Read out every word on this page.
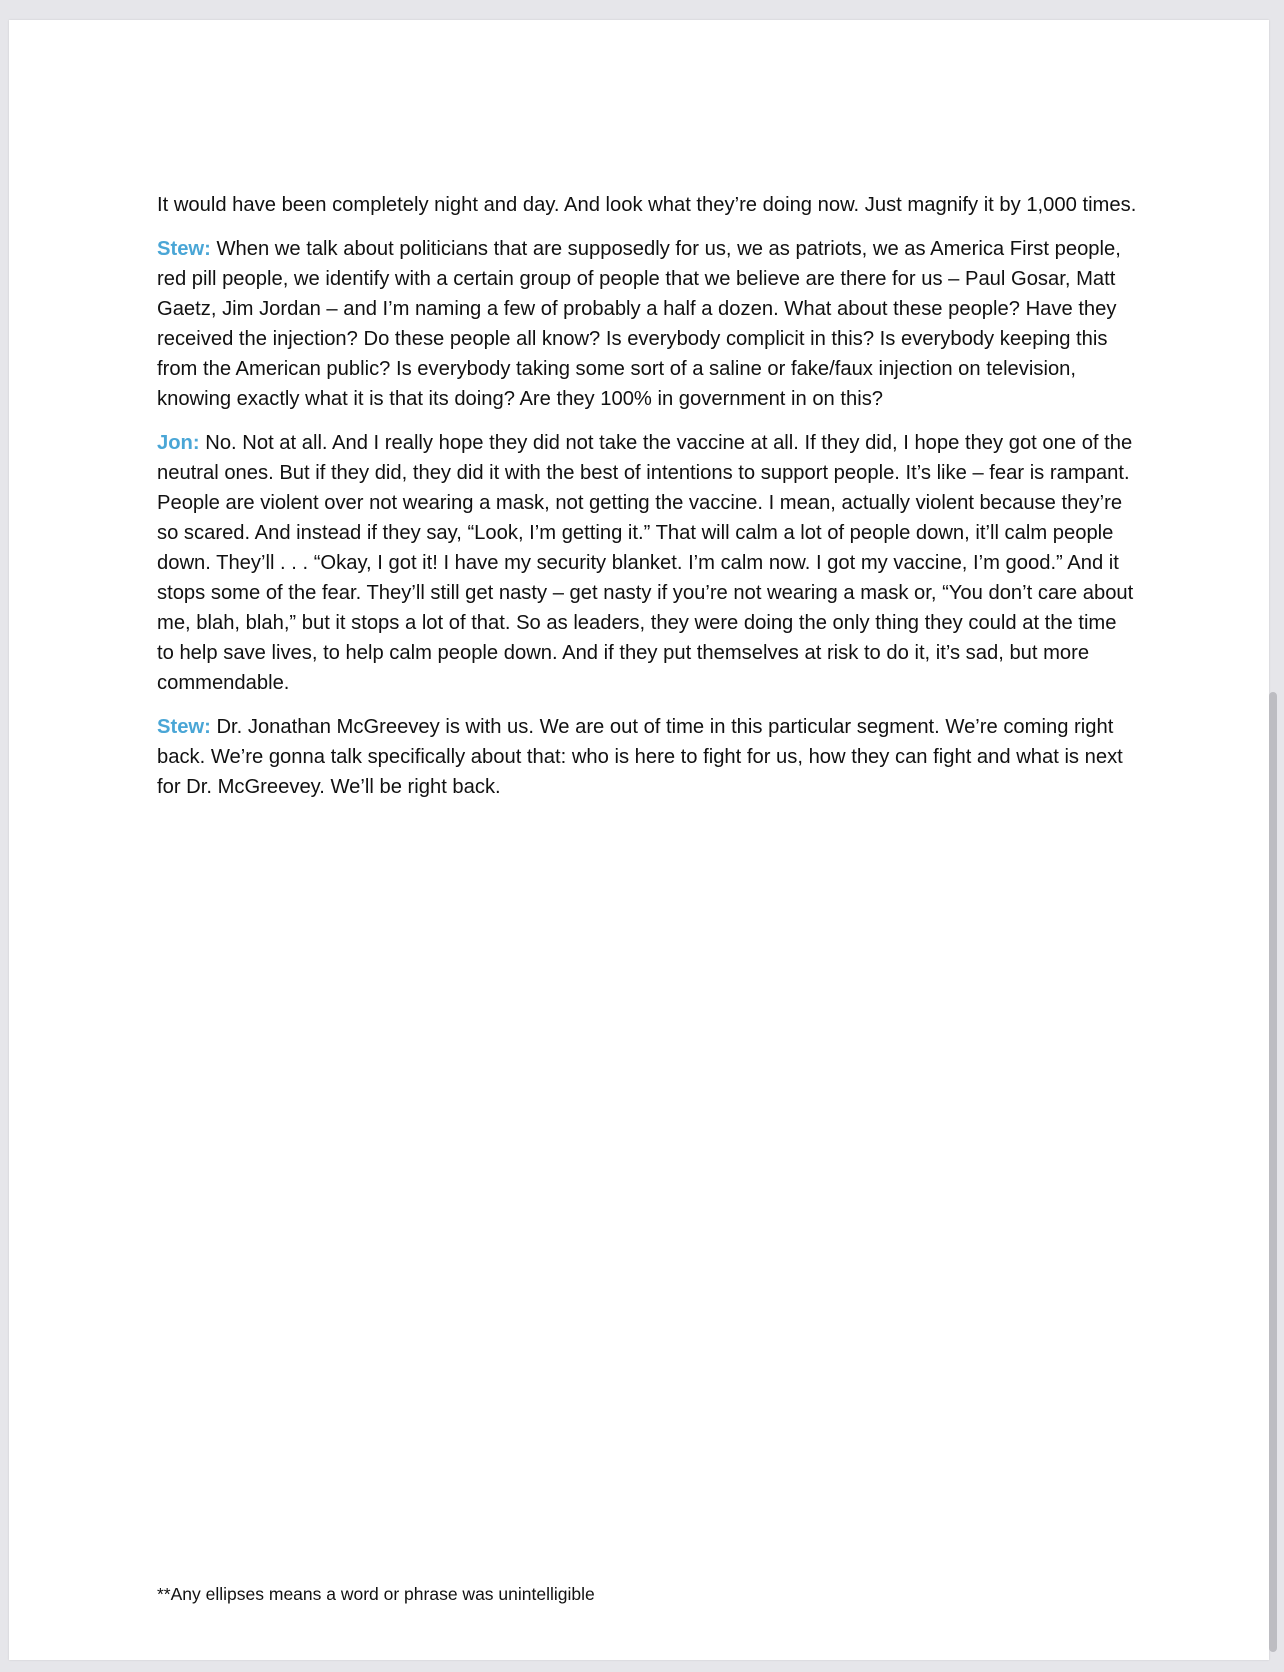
It would have been completely night and day. And look what they’re doing now. Just magnify it by 1,000 times.

Stew: When we talk about politicians that are supposedly for us, we as patriots, we as America First people, red pill people, we identify with a certain group of people that we believe are there for us – Paul Gosar, Matt Gaetz, Jim Jordan – and I’m naming a few of probably a half a dozen. What about these people? Have they received the injection? Do these people all know? Is everybody complicit in this? Is everybody keeping this from the American public? Is everybody taking some sort of a saline or fake/faux injection on television, knowing exactly what it is that its doing? Are they 100% in government in on this?

Jon: No. Not at all. And I really hope they did not take the vaccine at all. If they did, I hope they got one of the neutral ones. But if they did, they did it with the best of intentions to support people. It’s like – fear is rampant. People are violent over not wearing a mask, not getting the vaccine. I mean, actually violent because they’re so scared. And instead if they say, “Look, I’m getting it.” That will calm a lot of people down, it’ll calm people down. They’ll . . . “Okay, I got it! I have my security blanket. I’m calm now. I got my vaccine, I’m good.” And it stops some of the fear. They’ll still get nasty – get nasty if you’re not wearing a mask or, “You don’t care about me, blah, blah,” but it stops a lot of that. So as leaders, they were doing the only thing they could at the time to help save lives, to help calm people down. And if they put themselves at risk to do it, it’s sad, but more commendable.

Stew: Dr. Jonathan McGreevey is with us. We are out of time in this particular segment. We’re coming right back. We’re gonna talk specifically about that: who is here to fight for us, how they can fight and what is next for Dr. McGreevey. We’ll be right back.

**Any ellipses means a word or phrase was unintelligible
